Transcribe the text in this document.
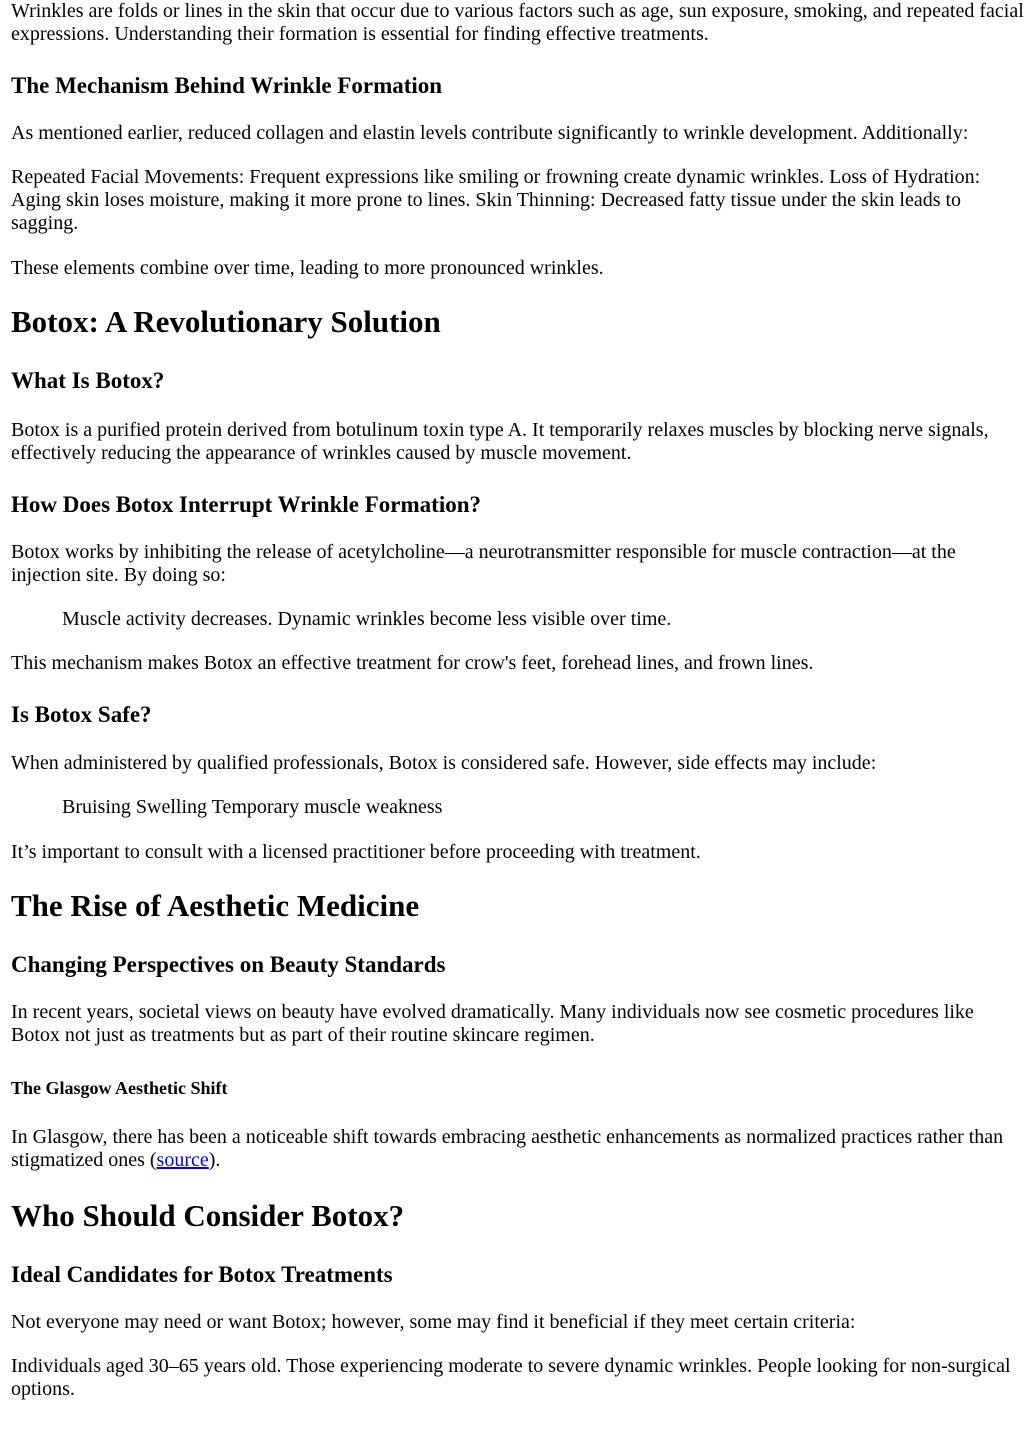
Wrinkles are folds or lines in the skin that occur due to various factors such as age, sun exposure, smoking, and repeated facial expressions. Understanding their formation is essential for finding effective treatments.

The Mechanism Behind Wrinkle Formation

As mentioned earlier, reduced collagen and elastin levels contribute significantly to wrinkle development. Additionally:

Repeated Facial Movements: Frequent expressions like smiling or frowning create dynamic wrinkles. Loss of Hydration: Aging skin loses moisture, making it more prone to lines. Skin Thinning: Decreased fatty tissue under the skin leads to sagging.

These elements combine over time, leading to more pronounced wrinkles.

Botox: A Revolutionary Solution
What Is Botox?

Botox is a purified protein derived from botulinum toxin type A. It temporarily relaxes muscles by blocking nerve signals, effectively reducing the appearance of wrinkles caused by muscle movement.

How Does Botox Interrupt Wrinkle Formation?

Botox works by inhibiting the release of acetylcholine—a neurotransmitter responsible for muscle contraction—at the injection site. By doing so:

Muscle activity decreases. Dynamic wrinkles become less visible over time.

This mechanism makes Botox an effective treatment for crow's feet, forehead lines, and frown lines.

Is Botox Safe?

When administered by qualified professionals, Botox is considered safe. However, side effects may include:

Bruising Swelling Temporary muscle weakness

It’s important to consult with a licensed practitioner before proceeding with treatment.

The Rise of Aesthetic Medicine
Changing Perspectives on Beauty Standards

In recent years, societal views on beauty have evolved dramatically. Many individuals now see cosmetic procedures like Botox not just as treatments but as part of their routine skincare regimen.

The Glasgow Aesthetic Shift

In Glasgow, there has been a noticeable shift towards embracing aesthetic enhancements as normalized practices rather than stigmatized ones (source).

Who Should Consider Botox?
Ideal Candidates for Botox Treatments

Not everyone may need or want Botox; however, some may find it beneficial if they meet certain criteria:

Individuals aged 30–65 years old. Those experiencing moderate to severe dynamic wrinkles. People looking for non-surgical options.
